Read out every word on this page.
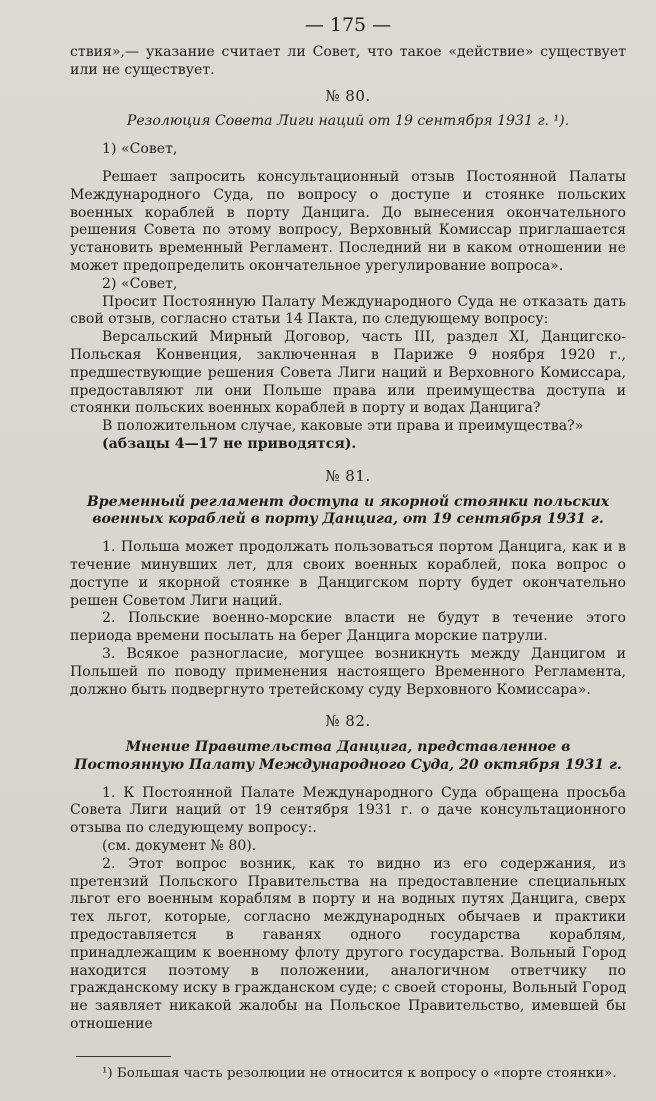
— 175 —

ствия»,— указание считает ли Совет, что такое «действие» существует или не существует.

№ 80.

Резолюция Совета Лиги наций от 19 сентября 1931 г. ¹).

1) «Совет,

Решает запросить консультационный отзыв Постоянной Палаты Международного Суда, по вопросу о доступе и стоянке польских военных кораблей в порту Данцига. До вынесения окончательного решения Совета по этому вопросу, Верховный Комиссар приглашается установить временный Регламент. Последний ни в каком отношении не может предопределить окончательное урегулирование вопроса».

2) «Совет,

Просит Постоянную Палату Международного Суда не отказать дать свой отзыв, согласно статьи 14 Пакта, по следующему вопросу:

Версальский Мирный Договор, часть III, раздел XI, Данцигско-Польская Конвенция, заключенная в Париже 9 ноября 1920 г., предшествующие решения Совета Лиги наций и Верховного Комиссара, предоставляют ли они Польше права или преимущества доступа и стоянки польских военных кораблей в порту и водах Данцига?

В положительном случае, каковые эти права и преимущества?»

(абзацы 4—17 не приводятся).

№ 81.

Временный регламент доступа и якорной стоянки польских военных кораблей в порту Данцига, от 19 сентября 1931 г.

1. Польша может продолжать пользоваться портом Данцига, как и в течение минувших лет, для своих военных кораблей, пока вопрос о доступе и якорной стоянке в Данцигском порту будет окончательно решен Советом Лиги наций.

2. Польские военно-морские власти не будут в течение этого периода времени посылать на берег Данцига морские патрули.

3. Всякое разногласие, могущее возникнуть между Данцигом и Польшей по поводу применения настоящего Временного Регламента, должно быть подвергнуто третейскому суду Верховного Комиссара».

№ 82.

Мнение Правительства Данцига, представленное в Постоянную Палату Международного Суда, 20 октября 1931 г.

1. К Постоянной Палате Международного Суда обращена просьба Совета Лиги наций от 19 сентября 1931 г. о даче консультационного отзыва по следующему вопросу:.

(см. документ № 80).

2. Этот вопрос возник, как то видно из его содержания, из претензий Польского Правительства на предоставление специальных льгот его военным кораблям в порту и на водных путях Данцига, сверх тех льгот, которые, согласно международных обычаев и практики предоставляется в гаванях одного государства кораблям, принадлежащим к военному флоту другого государства. Вольный Город находится поэтому в положении, аналогичном ответчику по гражданскому иску в гражданском суде; с своей стороны, Вольный Город не заявляет никакой жалобы на Польское Правительство, имевшей бы отношение

¹) Большая часть резолюции не относится к вопросу о «порте стоянки».
